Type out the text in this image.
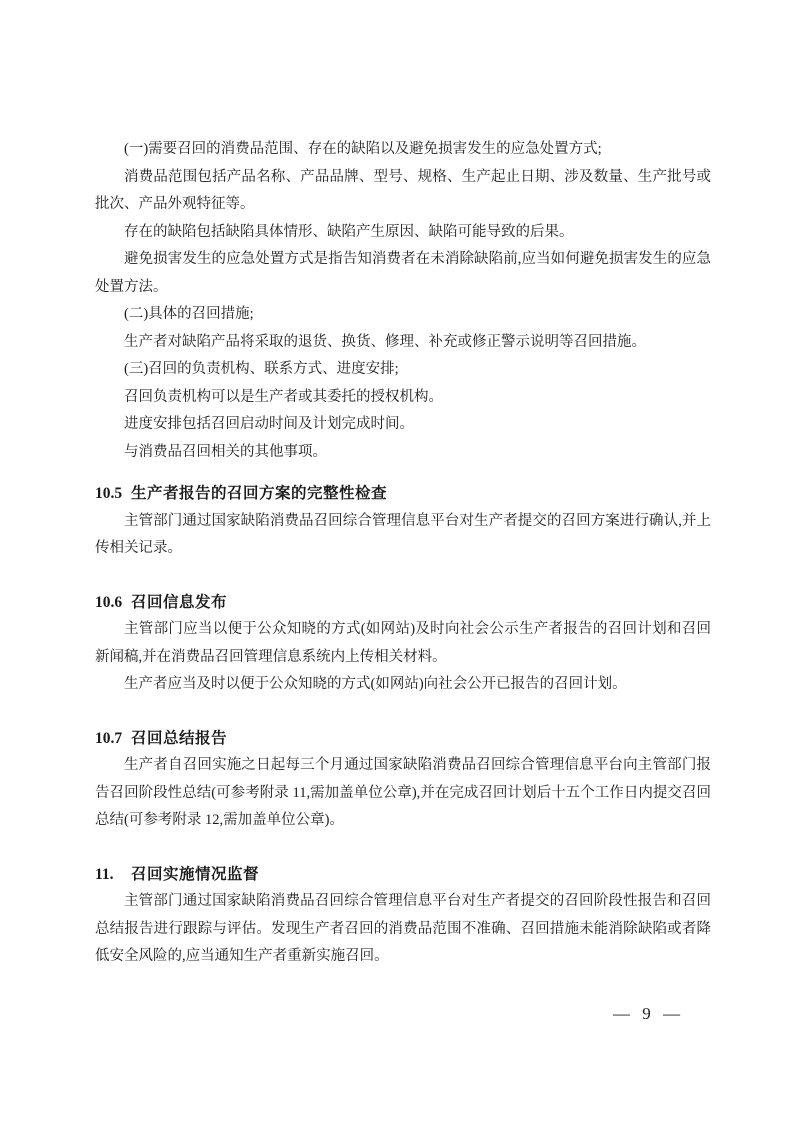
(一)需要召回的消费品范围、存在的缺陷以及避免损害发生的应急处置方式;

消费品范围包括产品名称、产品品牌、型号、规格、生产起止日期、涉及数量、生产批号或批次、产品外观特征等。

存在的缺陷包括缺陷具体情形、缺陷产生原因、缺陷可能导致的后果。

避免损害发生的应急处置方式是指告知消费者在未消除缺陷前,应当如何避免损害发生的应急处置方法。

(二)具体的召回措施;

生产者对缺陷产品将采取的退货、换货、修理、补充或修正警示说明等召回措施。

(三)召回的负责机构、联系方式、进度安排;

召回负责机构可以是生产者或其委托的授权机构。

进度安排包括召回启动时间及计划完成时间。

与消费品召回相关的其他事项。

10.5 生产者报告的召回方案的完整性检查

主管部门通过国家缺陷消费品召回综合管理信息平台对生产者提交的召回方案进行确认,并上传相关记录。

10.6 召回信息发布

主管部门应当以便于公众知晓的方式(如网站)及时向社会公示生产者报告的召回计划和召回新闻稿,并在消费品召回管理信息系统内上传相关材料。

生产者应当及时以便于公众知晓的方式(如网站)向社会公开已报告的召回计划。

10.7 召回总结报告

生产者自召回实施之日起每三个月通过国家缺陷消费品召回综合管理信息平台向主管部门报告召回阶段性总结(可参考附录 11,需加盖单位公章),并在完成召回计划后十五个工作日内提交召回总结(可参考附录 12,需加盖单位公章)。

11. 召回实施情况监督

主管部门通过国家缺陷消费品召回综合管理信息平台对生产者提交的召回阶段性报告和召回总结报告进行跟踪与评估。发现生产者召回的消费品范围不准确、召回措施未能消除缺陷或者降低安全风险的,应当通知生产者重新实施召回。

— 9 —
